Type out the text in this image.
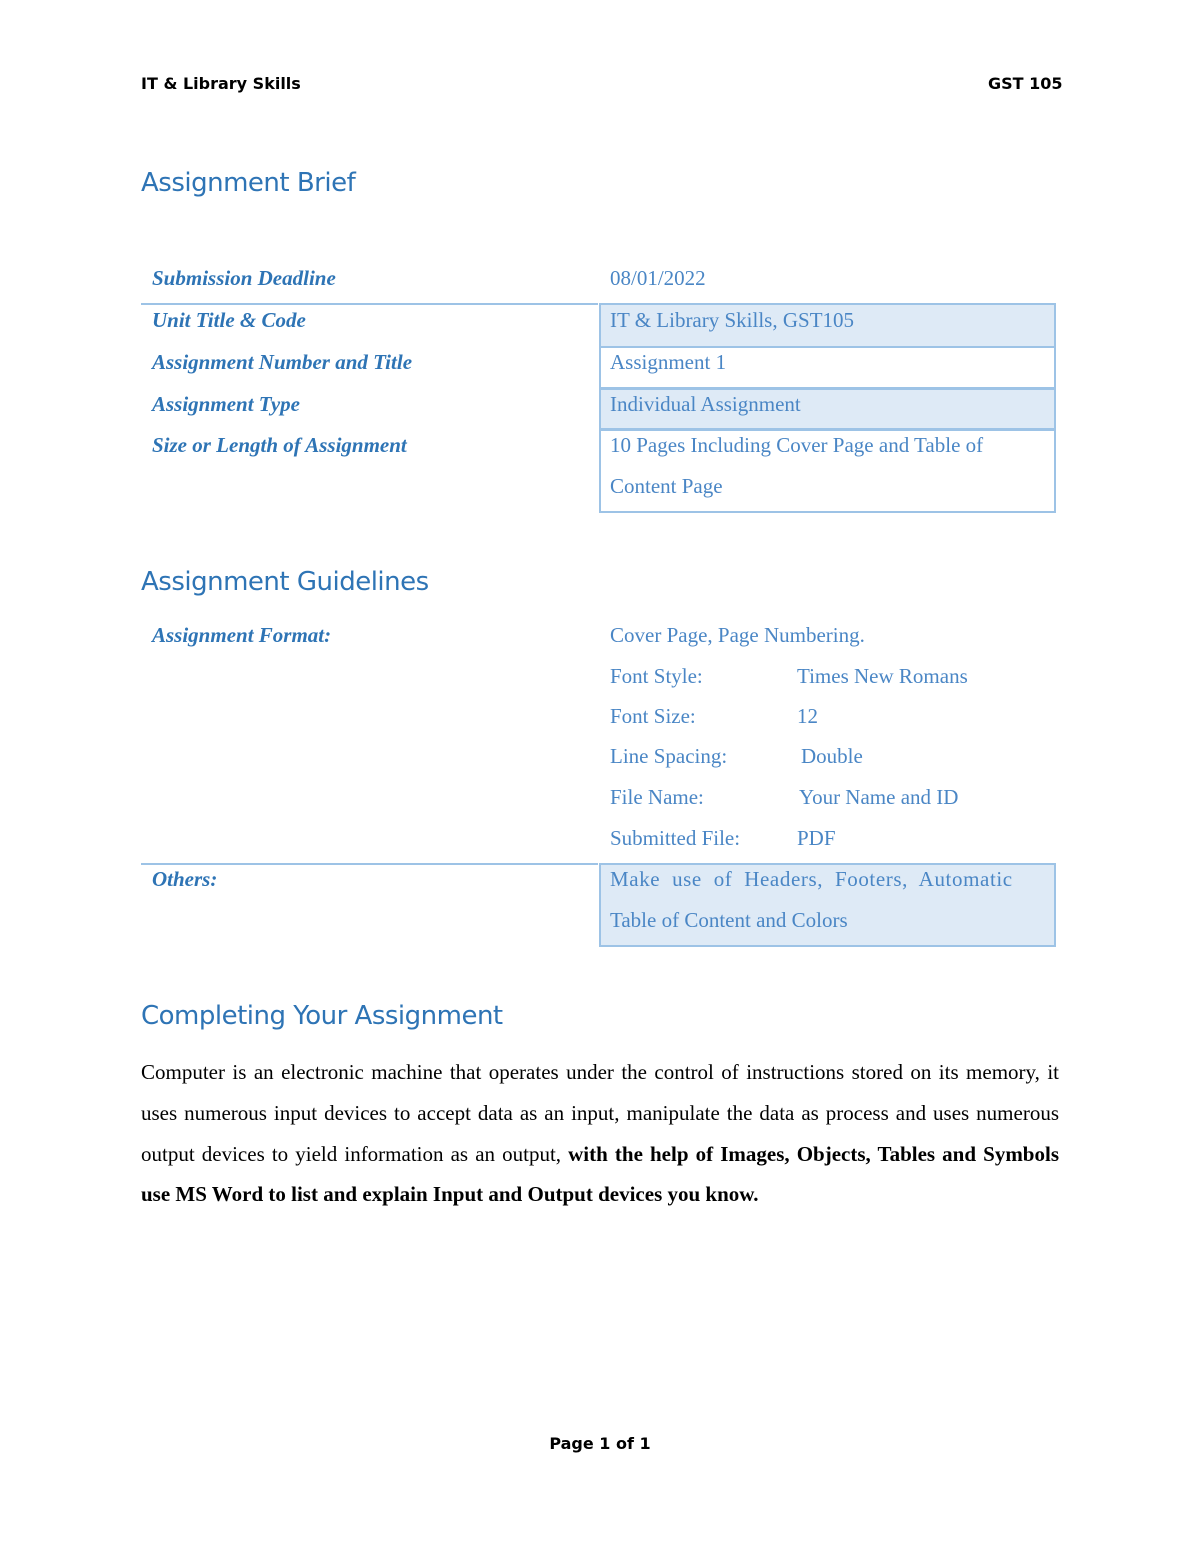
IT & Library Skills	GST 105
Assignment Brief
Submission Deadline	08/01/2022
Unit Title & Code	IT & Library Skills, GST105
Assignment Number and Title	Assignment 1
Assignment Type	Individual Assignment
Size or Length of Assignment	10 Pages Including Cover Page and Table of
Content Page
Assignment Guidelines
Assignment Format:	Cover Page, Page Numbering.
Font Style:	Times New Romans
Font Size:	12
Line Spacing:	Double
File Name:	Your Name and ID
Submitted File:	PDF
Others:	Make use of Headers, Footers, Automatic
Table of Content and Colors
Completing Your Assignment
Computer is an electronic machine that operates under the control of instructions stored on its memory, it uses numerous input devices to accept data as an input, manipulate the data as process and uses numerous output devices to yield information as an output, with the help of Images, Objects, Tables and Symbols use MS Word to list and explain Input and Output devices you know.
Page 1 of 1
